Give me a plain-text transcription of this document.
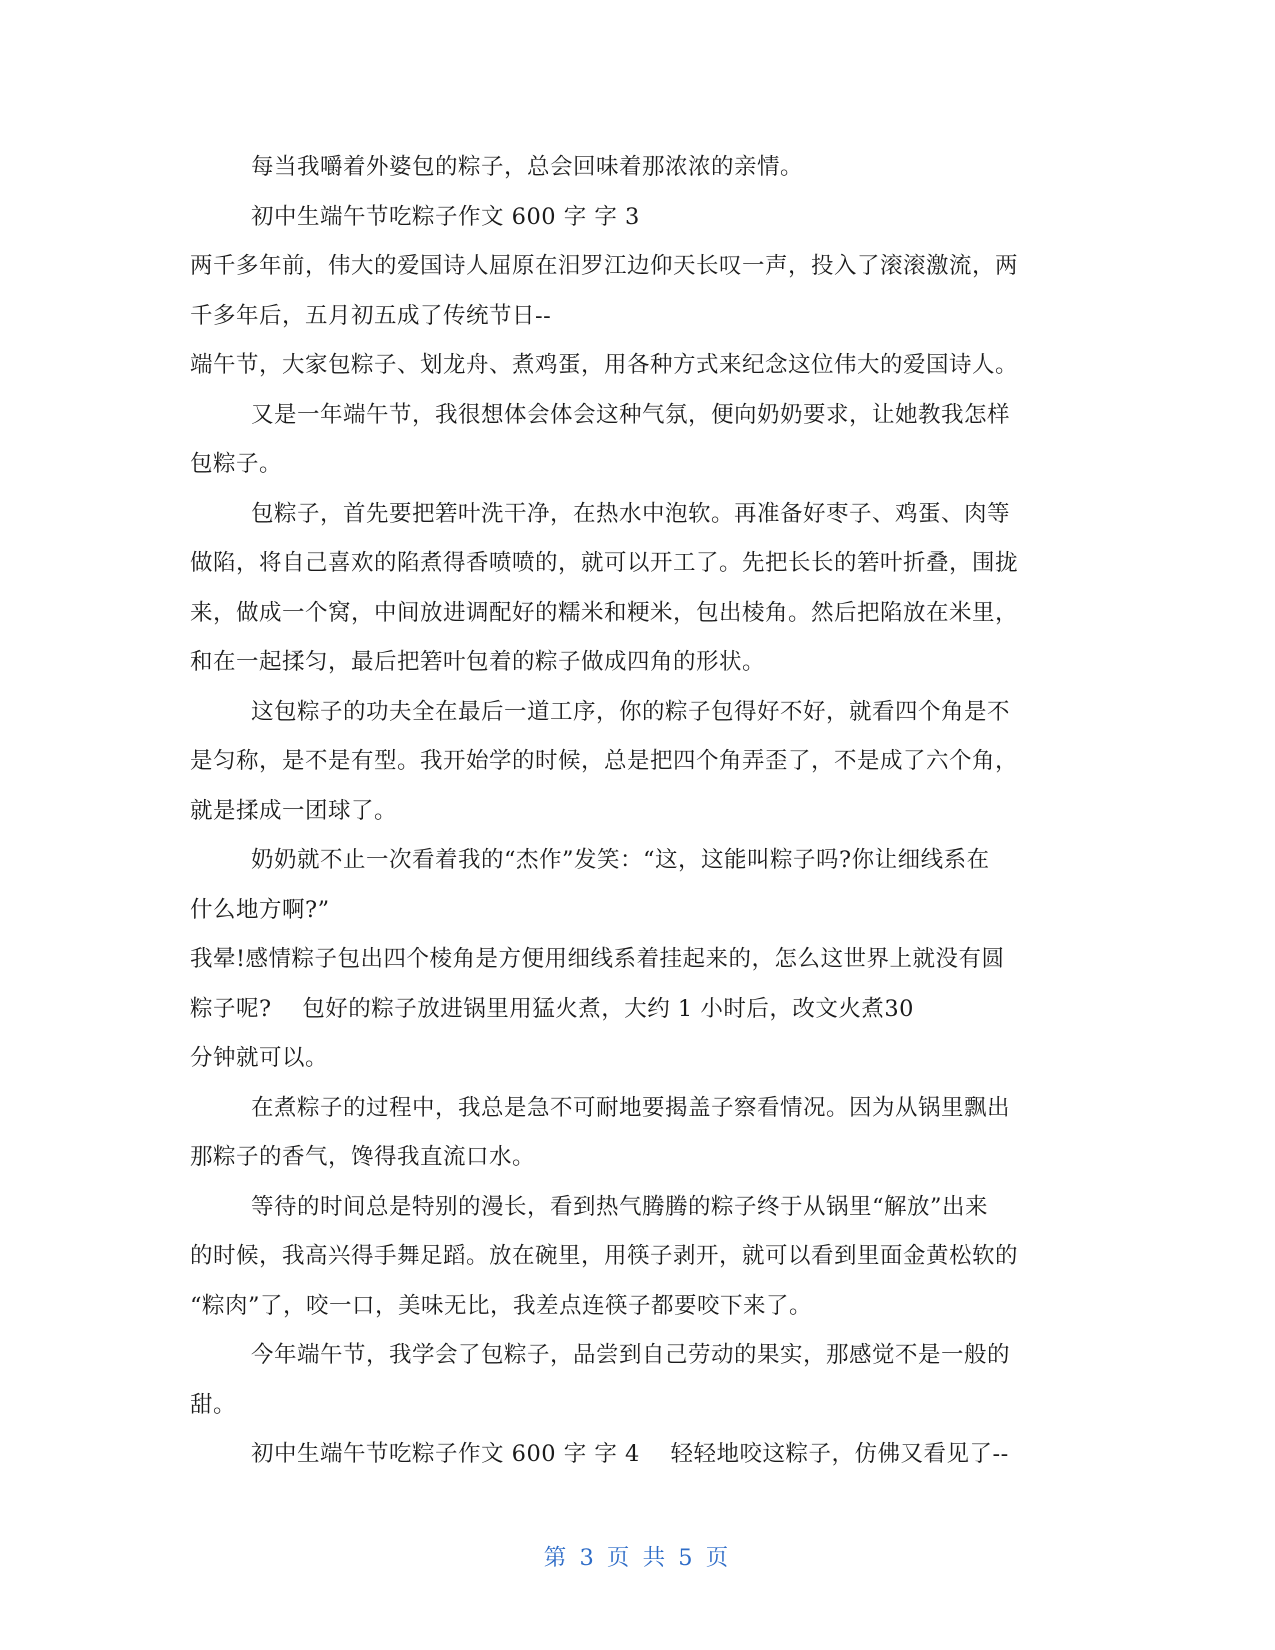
每当我嚼着外婆包的粽子，总会回味着那浓浓的亲情。
初中生端午节吃粽子作文 600 字 字 3
两千多年前，伟大的爱国诗人屈原在汨罗江边仰天长叹一声，投入了滚滚激流，两
千多年后，五月初五成了传统节日--
端午节，大家包粽子、划龙舟、煮鸡蛋，用各种方式来纪念这位伟大的爱国诗人。
又是一年端午节，我很想体会体会这种气氛，便向奶奶要求，让她教我怎样
包粽子。
包粽子，首先要把箬叶洗干净，在热水中泡软。再准备好枣子、鸡蛋、肉等
做陷，将自己喜欢的陷煮得香喷喷的，就可以开工了。先把长长的箬叶折叠，围拢
来，做成一个窝，中间放进调配好的糯米和粳米，包出棱角。然后把陷放在米里，
和在一起揉匀，最后把箬叶包着的粽子做成四角的形状。
这包粽子的功夫全在最后一道工序，你的粽子包得好不好，就看四个角是不
是匀称，是不是有型。我开始学的时候，总是把四个角弄歪了，不是成了六个角，
就是揉成一团球了。
奶奶就不止一次看着我的“杰作”发笑：“这，这能叫粽子吗?你让细线系在
什么地方啊?”
我晕!感情粽子包出四个棱角是方便用细线系着挂起来的，怎么这世界上就没有圆
粽子呢?　 包好的粽子放进锅里用猛火煮，大约 1 小时后，改文火煮30
分钟就可以。
在煮粽子的过程中，我总是急不可耐地要揭盖子察看情况。因为从锅里飘出
那粽子的香气，馋得我直流口水。
等待的时间总是特别的漫长，看到热气腾腾的粽子终于从锅里“解放”出来
的时候，我高兴得手舞足蹈。放在碗里，用筷子剥开，就可以看到里面金黄松软的
“粽肉”了，咬一口，美味无比，我差点连筷子都要咬下来了。
今年端午节，我学会了包粽子，品尝到自己劳动的果实，那感觉不是一般的
甜。
初中生端午节吃粽子作文 600 字 字 4　 轻轻地咬这粽子，仿佛又看见了--
第 3 页 共 5 页
